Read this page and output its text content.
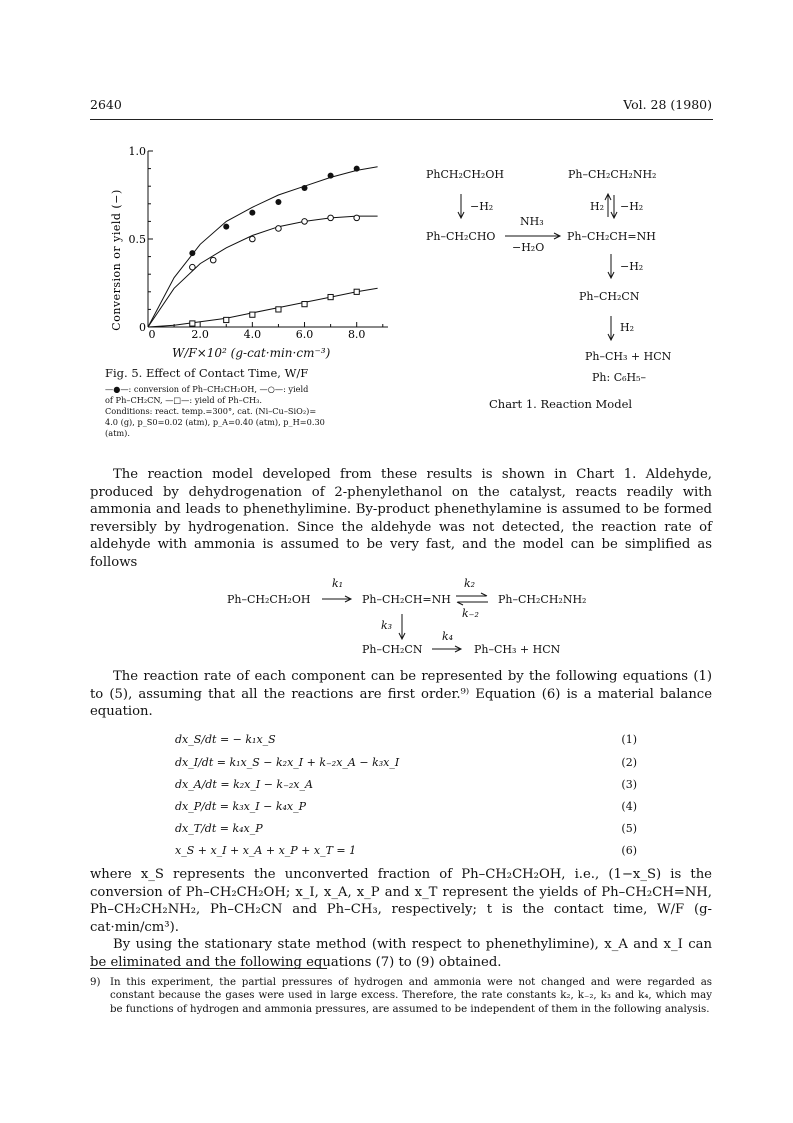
2640	Vol. 28 (1980)
0	2.0	4.0	6.0	8.0
0
0.5
1.0
Conversion or yield (−)
W/F×10² (g-cat·min·cm⁻³)
Fig. 5. Effect of Contact Time, W/F
—●—: conversion of Ph–CH₂CH₂OH, —○—: yield
of Ph–CH₂CN, —□—: yield of Ph–CH₃.
Conditions: react. temp.=300°, cat. (Ni–Cu–SiO₂)=
4.0 (g), p_S0=0.02 (atm), p_A=0.40 (atm), p_H=0.30
(atm).
PhCH₂CH₂OH
−H₂
Ph–CH₂CHO
NH₃
−H₂O
Ph–CH₂CH₂NH₂
H₂ −H₂
Ph–CH₂CH=NH
−H₂
Ph–CH₂CN
H₂
Ph–CH₃ + HCN
Ph: C₆H₅–
Chart 1. Reaction Model

The reaction model developed from these results is shown in Chart 1. Aldehyde, produced by dehydrogenation of 2-phenylethanol on the catalyst, reacts readily with ammonia and leads to phenethylimine. By-product phenethylamine is assumed to be formed reversibly by hydrogenation. Since the aldehyde was not detected, the reaction rate of aldehyde with ammonia is assumed to be very fast, and the model can be simplified as follows

Ph–CH₂CH₂OH
k₁
Ph–CH₂CH=NH
k₂
k₋₂
Ph–CH₂CH₂NH₂
k₃
Ph–CH₂CN
k₄
Ph–CH₃ + HCN

The reaction rate of each component can be represented by the following equations (1) to (5), assuming that all the reactions are first order.⁹⁾ Equation (6) is a material balance equation.

dx_S/dt = − k₁x_S	(1)
dx_I/dt = k₁x_S − k₂x_I + k₋₂x_A − k₃x_I	(2)
dx_A/dt = k₂x_I − k₋₂x_A	(3)
dx_P/dt = k₃x_I − k₄x_P	(4)
dx_T/dt = k₄x_P	(5)
x_S + x_I + x_A + x_P + x_T = 1	(6)

where x_S represents the unconverted fraction of Ph–CH₂CH₂OH, i.e., (1−x_S) is the conversion of Ph–CH₂CH₂OH; x_I, x_A, x_P and x_T represent the yields of Ph–CH₂CH=NH, Ph–CH₂CH₂NH₂, Ph–CH₂CN and Ph–CH₃, respectively; t is the contact time, W/F (g-cat·min/cm³).

By using the stationary state method (with respect to phenethylimine), x_A and x_I can be eliminated and the following equations (7) to (9) obtained.

9) In this experiment, the partial pressures of hydrogen and ammonia were not changed and were regarded as constant because the gases were used in large excess. Therefore, the rate constants k₂, k₋₂, k₃ and k₄, which may be functions of hydrogen and ammonia pressures, are assumed to be independent of them in the following analysis.
